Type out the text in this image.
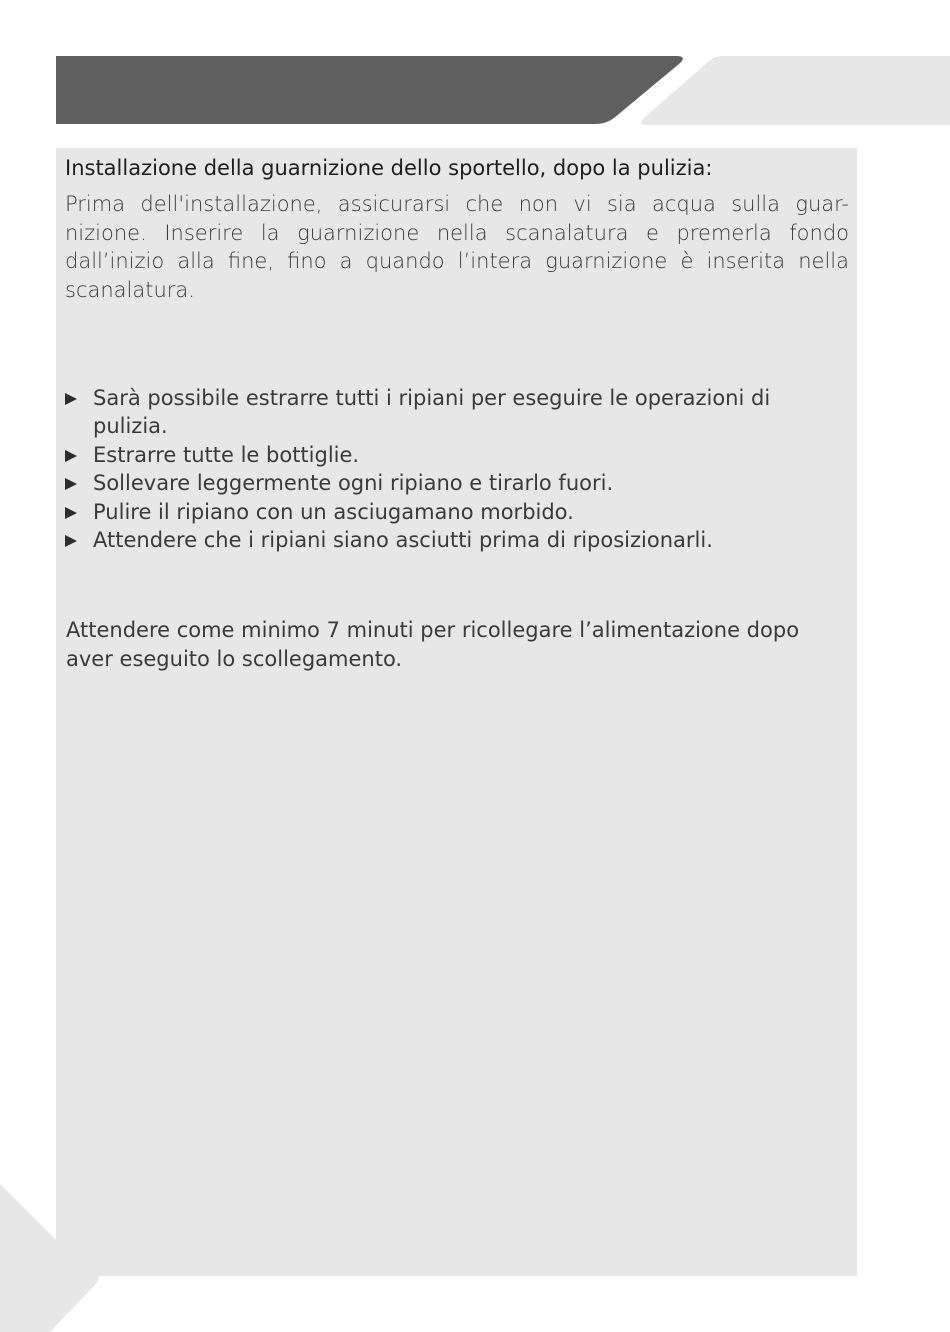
Installazione della guarnizione dello sportello, dopo la pulizia:

Prima dell'installazione, assicurarsi che non vi sia acqua sulla guar-nizione. Inserire la guarnizione nella scanalatura e premerla fondo dall’inizio alla fine, fino a quando l’intera guarnizione è inserita nella scanalatura.

Sarà possibile estrarre tutti i ripiani per eseguire le operazioni di pulizia.
Estrarre tutte le bottiglie.
Sollevare leggermente ogni ripiano e tirarlo fuori.
Pulire il ripiano con un asciugamano morbido.
Attendere che i ripiani siano asciutti prima di riposizionarli.

Attendere come minimo 7 minuti per ricollegare l’alimentazione dopo aver eseguito lo scollegamento.
